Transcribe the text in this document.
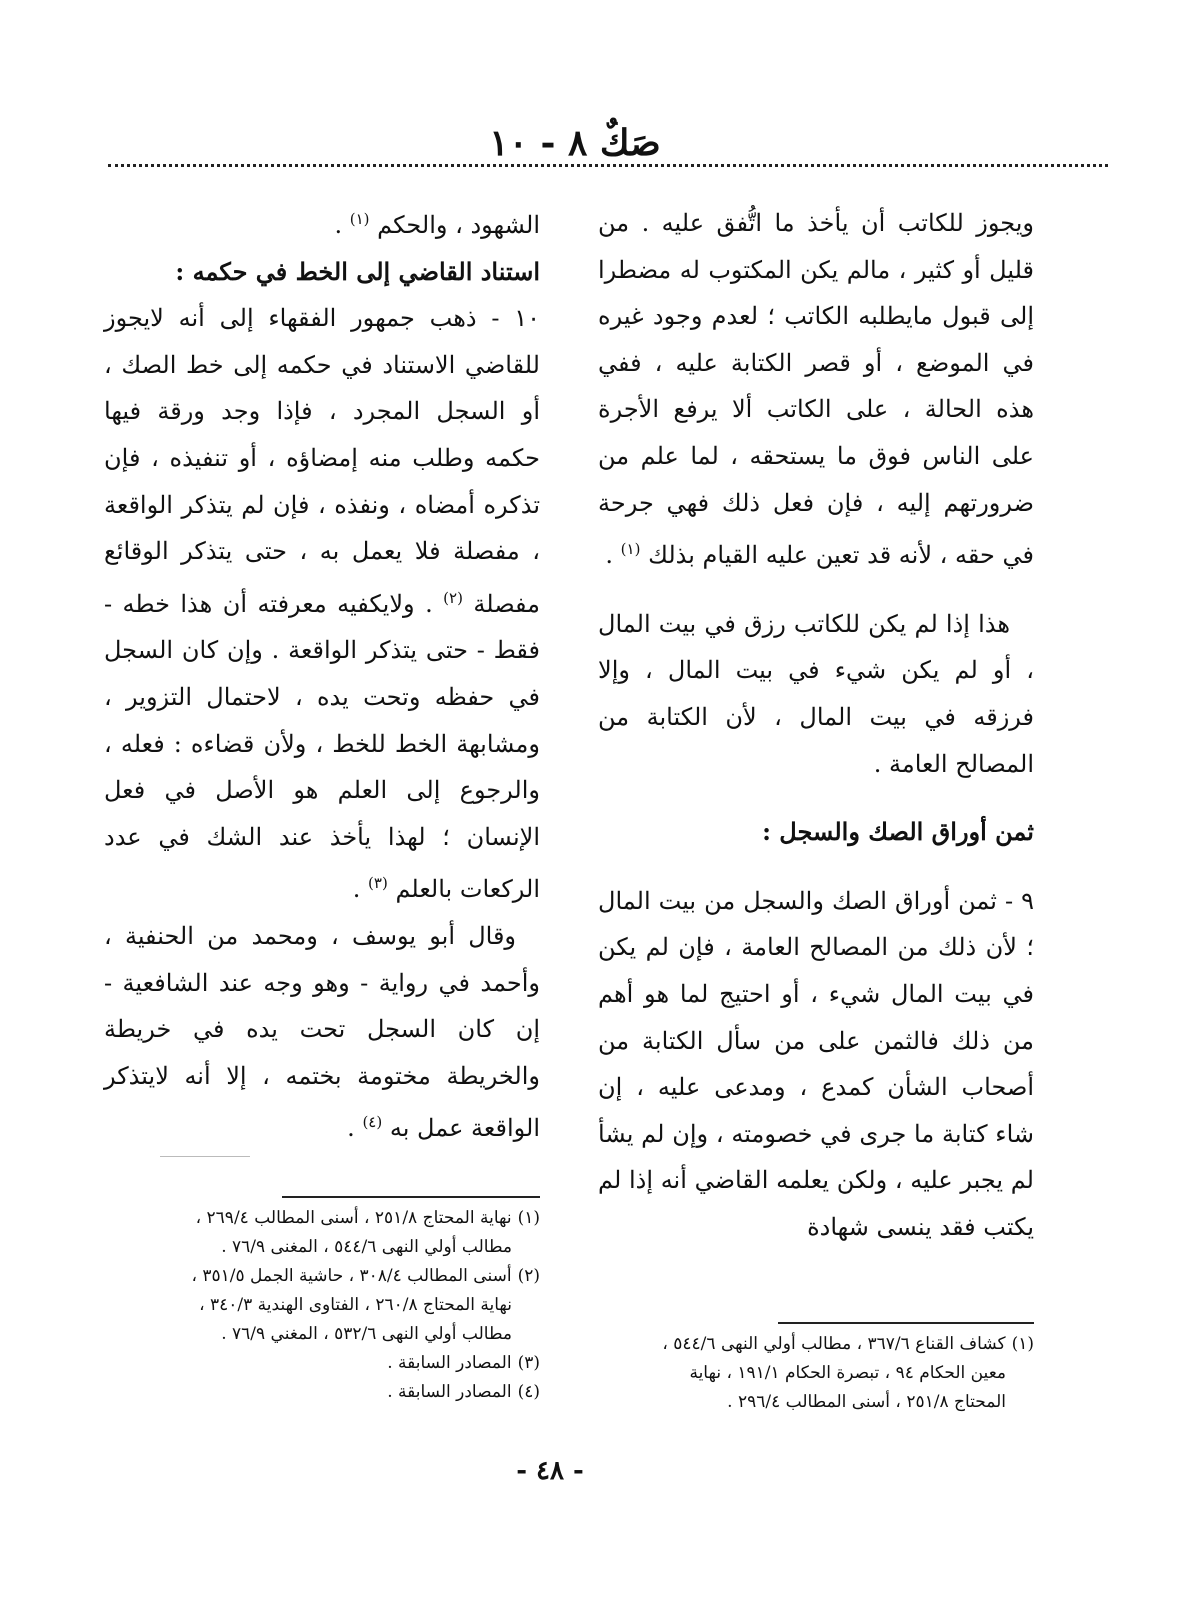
صَكٌ ٨ - ١٠

ويجوز للكاتب أن يأخذ ما اتُّفق عليه . من قليل أو كثير ، مالم يكن المكتوب له مضطرا إلى قبول مايطلبه الكاتب ؛ لعدم وجود غيره في الموضع ، أو قصر الكتابة عليه ، ففي هذه الحالة ، على الكاتب ألا يرفع الأجرة على الناس فوق ما يستحقه ، لما علم من ضرورتهم إليه ، فإن فعل ذلك فهي جرحة في حقه ، لأنه قد تعين عليه القيام بذلك $^{(١)}$ .

هذا إذا لم يكن للكاتب رزق في بيت المال ، أو لم يكن شيء في بيت المال ، وإلا فرزقه في بيت المال ، لأن الكتابة من المصالح العامة .

ثمن أوراق الصك والسجل :

٩ - ثمن أوراق الصك والسجل من بيت المال ؛ لأن ذلك من المصالح العامة ، فإن لم يكن في بيت المال شيء ، أو احتيج لما هو أهم من ذلك فالثمن على من سأل الكتابة من أصحاب الشأن كمدع ، ومدعى عليه ، إن شاء كتابة ما جرى في خصومته ، وإن لم يشأ لم يجبر عليه ، ولكن يعلمه القاضي أنه إذا لم يكتب فقد ينسى شهادة

الشهود ، والحكم $^{(١)}$ .

استناد القاضي إلى الخط في حكمه :

١٠ - ذهب جمهور الفقهاء إلى أنه لايجوز للقاضي الاستناد في حكمه إلى خط الصك ، أو السجل المجرد ، فإذا وجد ورقة فيها حكمه وطلب منه إمضاؤه ، أو تنفيذه ، فإن تذكره أمضاه ، ونفذه ، فإن لم يتذكر الواقعة ، مفصلة فلا يعمل به ، حتى يتذكر الوقائع مفصلة $^{(٢)}$ . ولايكفيه معرفته أن هذا خطه - فقط - حتى يتذكر الواقعة . وإن كان السجل في حفظه وتحت يده ، لاحتمال التزوير ، ومشابهة الخط للخط ، ولأن قضاءه : فعله ، والرجوع إلى العلم هو الأصل في فعل الإنسان ؛ لهذا يأخذ عند الشك في عدد الركعات بالعلم $^{(٣)}$ .

وقال أبو يوسف ، ومحمد من الحنفية ، وأحمد في رواية - وهو وجه عند الشافعية - إن كان السجل تحت يده في خريطة والخريطة مختومة بختمه ، إلا أنه لايتذكر الواقعة عمل به $^{(٤)}$ .

(١)نهاية المحتاج ٢٥١/٨ ، أسنى المطالب ٢٦٩/٤ ،
مطالب أولي النهى ٥٤٤/٦ ، المغنى ٧٦/٩ .

(٢)أسنى المطالب ٣٠٨/٤ ، حاشية الجمل ٣٥١/٥ ،
نهاية المحتاج ٢٦٠/٨ ، الفتاوى الهندية ٣٤٠/٣ ،
مطالب أولي النهى ٥٣٢/٦ ، المغني ٧٦/٩ .

(٣)المصادر السابقة .

(٤)المصادر السابقة .

(١)كشاف القناع ٣٦٧/٦ ، مطالب أولي النهى ٥٤٤/٦ ،
معين الحكام ٩٤ ، تبصرة الحكام ١٩١/١ ، نهاية
المحتاج ٢٥١/٨ ، أسنى المطالب ٢٩٦/٤ .

- ٤٨ -
